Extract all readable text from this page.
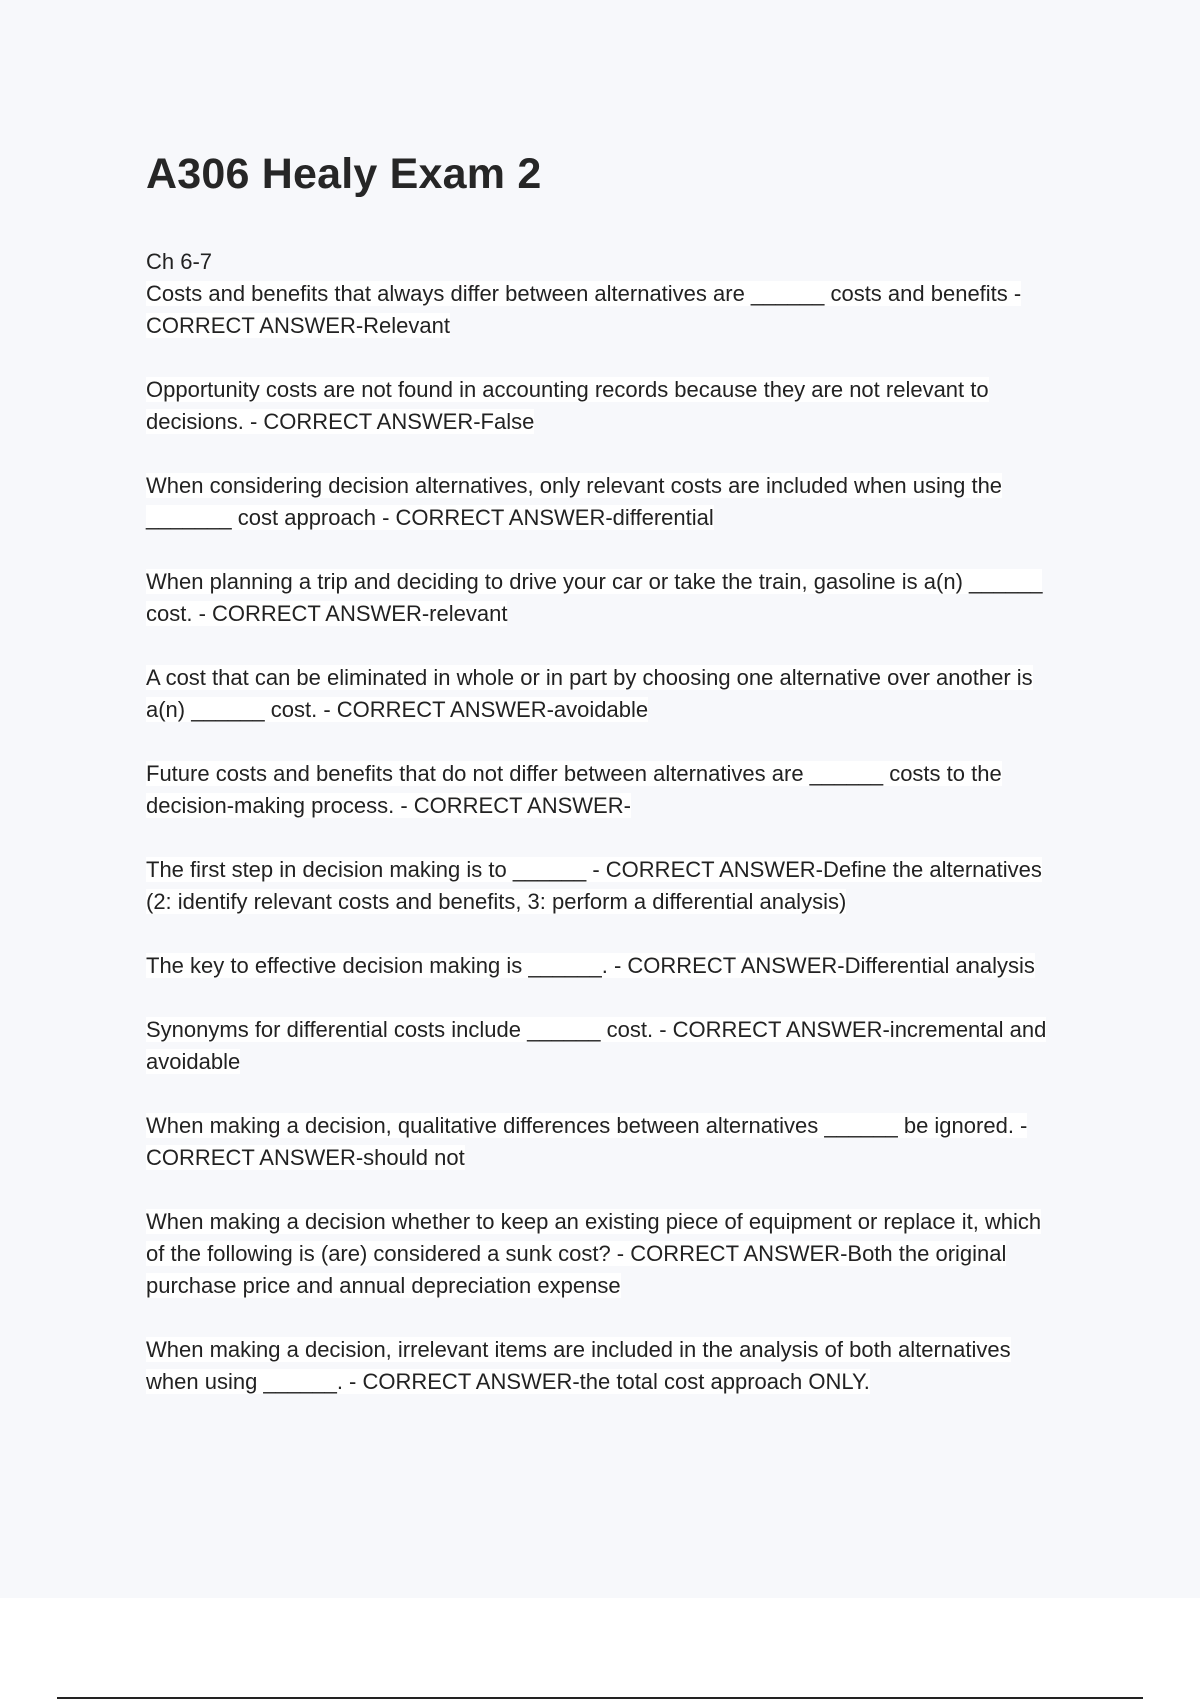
A306 Healy Exam 2
Ch 6-7
Costs and benefits that always differ between alternatives are ______ costs and benefits - CORRECT ANSWER-Relevant
Opportunity costs are not found in accounting records because they are not relevant to decisions. - CORRECT ANSWER-False
When considering decision alternatives, only relevant costs are included when using the _______ cost approach - CORRECT ANSWER-differential
When planning a trip and deciding to drive your car or take the train, gasoline is a(n) ______ cost. - CORRECT ANSWER-relevant
A cost that can be eliminated in whole or in part by choosing one alternative over another is a(n) ______ cost. - CORRECT ANSWER-avoidable
Future costs and benefits that do not differ between alternatives are ______ costs to the decision-making process. - CORRECT ANSWER-
The first step in decision making is to ______ - CORRECT ANSWER-Define the alternatives (2: identify relevant costs and benefits, 3: perform a differential analysis)
The key to effective decision making is ______. - CORRECT ANSWER-Differential analysis
Synonyms for differential costs include ______ cost. - CORRECT ANSWER-incremental and avoidable
When making a decision, qualitative differences between alternatives ______ be ignored. - CORRECT ANSWER-should not
When making a decision whether to keep an existing piece of equipment or replace it, which of the following is (are) considered a sunk cost? - CORRECT ANSWER-Both the original purchase price and annual depreciation expense
When making a decision, irrelevant items are included in the analysis of both alternatives when using ______. - CORRECT ANSWER-the total cost approach ONLY.
